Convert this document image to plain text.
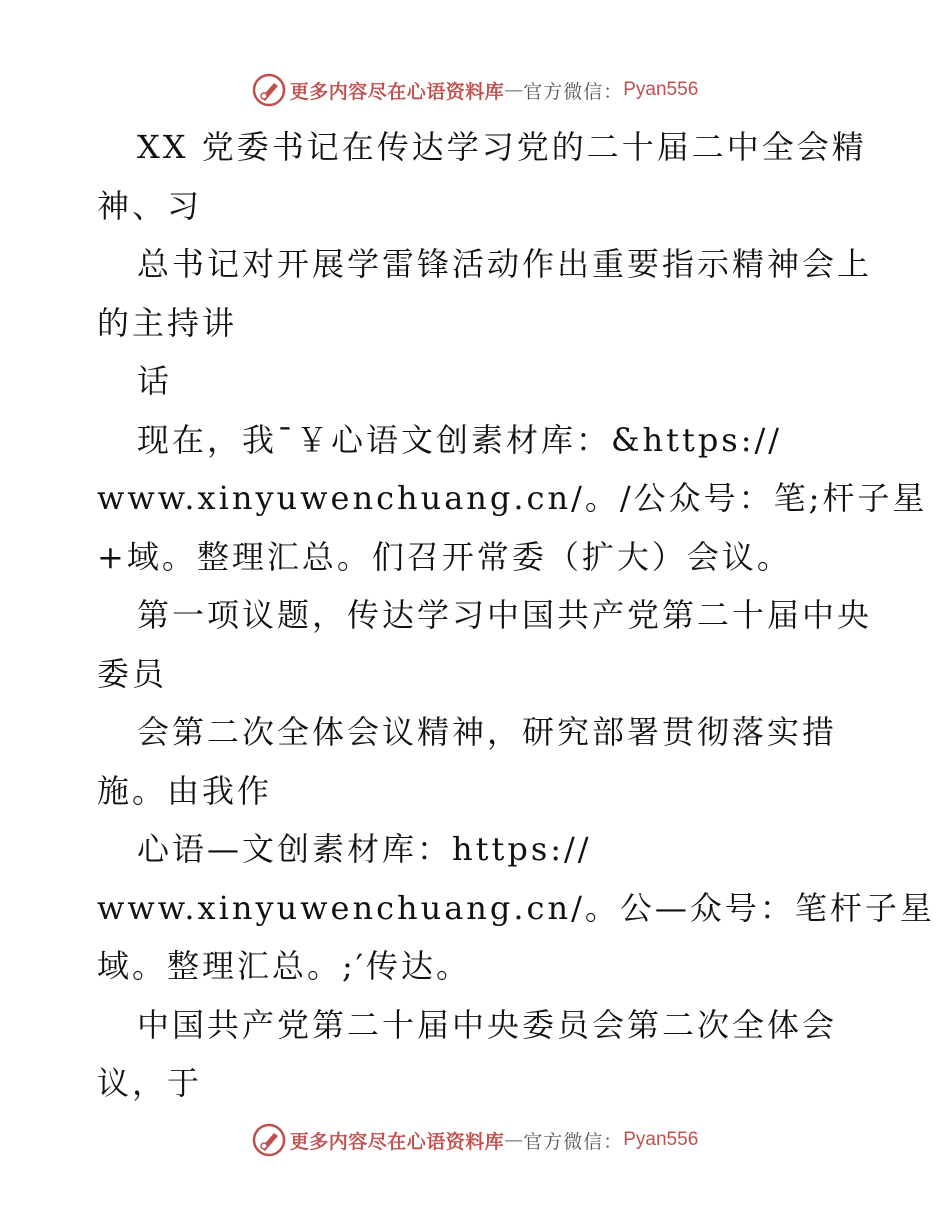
更多内容尽在心语资料库 — 官方微信： Pyan556

XX 党委书记在传达学习党的二十届二中全会精

神、习

总书记对开展学雷锋活动作出重要指示精神会上

的主持讲

话

现在，我¯￥心语文创素材库：&https://

www.xinyuwenchuang.cn/。/公众号：笔;杆子星

+域。整理汇总。们召开常委（扩大）会议。

第一项议题，传达学习中国共产党第二十届中央

委员

会第二次全体会议精神，研究部署贯彻落实措

施。由我作

心语—文创素材库：https://

www.xinyuwenchuang.cn/。公—众号：笔杆子星

域。整理汇总。;′传达。

中国共产党第二十届中央委员会第二次全体会

议，于

更多内容尽在心语资料库 — 官方微信： Pyan556
